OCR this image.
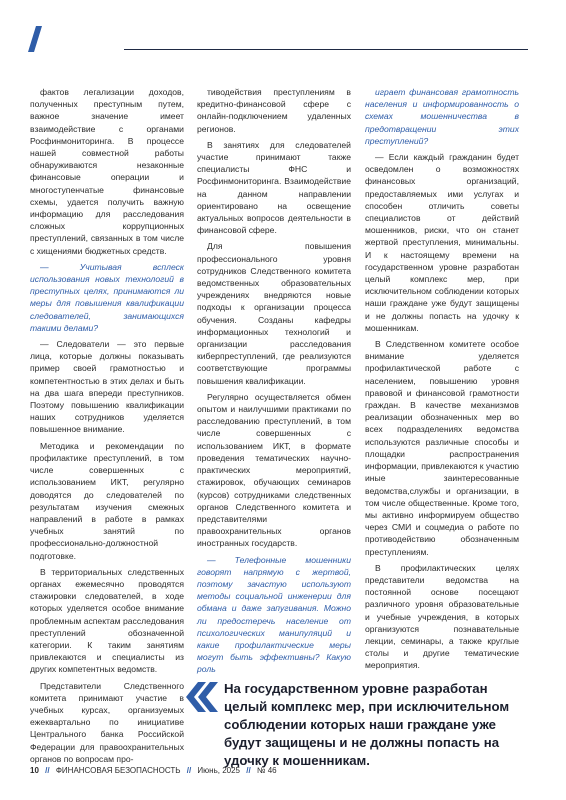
фактов легализации доходов, полученных преступным путем, важное значение имеет взаимодействие с органами Росфинмониторинга. В процессе нашей совместной работы обнаруживаются незаконные финансовые операции и многоступенчатые финансовые схемы, удается получить важную информацию для расследования сложных коррупционных преступлений, связанных в том числе с хищениями бюджетных средств.

— Учитывая всплеск использования новых технологий в преступных целях, принимаются ли меры для повышения квалификации следователей, занимающихся такими делами?

— Следователи — это первые лица, которые должны показывать пример своей грамотностью и компетентностью в этих делах и быть на два шага впереди преступников. Поэтому повышению квалификации наших сотрудников уделяется повышенное внимание.

Методика и рекомендации по профилактике преступлений, в том числе совершенных с использованием ИКТ, регулярно доводятся до следователей по результатам изучения смежных направлений в работе в рамках учебных занятий по профессионально-должностной подготовке.

В территориальных следственных органах ежемесячно проводятся стажировки следователей, в ходе которых уделяется особое внимание проблемным аспектам расследования преступлений обозначенной категории. К таким занятиям привлекаются и специалисты из других компетентных ведомств.

Представители Следственного комитета принимают участие в учебных курсах, организуемых ежеквартально по инициативе Центрального банка Российской Федерации для правоохранительных органов по вопросам про-

тиводействия преступлениям в кредитно-финансовой сфере с онлайн-подключением удаленных регионов.

В занятиях для следователей участие принимают также специалисты ФНС и Росфинмониторинга. Взаимодействие на данном направлении ориентировано на освещение актуальных вопросов деятельности в финансовой сфере.

Для повышения профессионального уровня сотрудников Следственного комитета ведомственных образовательных учреждениях внедряются новые подходы к организации процесса обучения. Созданы кафедры информационных технологий и организации расследования киберпреступлений, где реализуются соответствующие программы повышения квалификации.

Регулярно осуществляется обмен опытом и наилучшими практиками по расследованию преступлений, в том числе совершенных с использованием ИКТ, в формате проведения тематических научно-практических мероприятий, стажировок, обучающих семинаров (курсов) сотрудниками следственных органов Следственного комитета и представителями правоохранительных органов иностранных государств.

— Телефонные мошенники говорят напрямую с жертвой, поэтому зачастую используют методы социальной инженерии для обмана и даже запугивания. Можно ли предостеречь население от психологических манипуляций и какие профилактические меры могут быть эффективны? Какую роль

играет финансовая грамотность населения и информированность о схемах мошенничества в предотвращении этих преступлений?

— Если каждый гражданин будет осведомлен о возможностях финансовых организаций, предоставляемых ими услугах и способен отличить советы специалистов от действий мошенников, риски, что он станет жертвой преступления, минимальны. И к настоящему времени на государственном уровне разработан целый комплекс мер, при исключительном соблюдении которых наши граждане уже будут защищены и не должны попасть на удочку к мошенникам.

В Следственном комитете особое внимание уделяется профилактической работе с населением, повышению уровня правовой и финансовой грамотности граждан. В качестве механизмов реализации обозначенных мер во всех подразделениях ведомства используются различные способы и площадки распространения информации, привлекаются к участию иные заинтересованные ведомства,службы и организации, в том числе общественные. Кроме того, мы активно информируем общество через СМИ и соцмедиа о работе по противодействию обозначенным преступлениям.

В профилактических целях представители ведомства на постоянной основе посещают различного уровня образовательные и учебные учреждения, в которых организуются познавательные лекции, семинары, а также круглые столы и другие тематические мероприятия.

На государственном уровне разработан целый комплекс мер, при исключительном соблюдении которых наши граждане уже будут защищены и не должны попасть на удочку к мошенникам.
10 // ФИНАНСОВАЯ БЕЗОПАСНОСТЬ // Июнь, 2025 // № 46
